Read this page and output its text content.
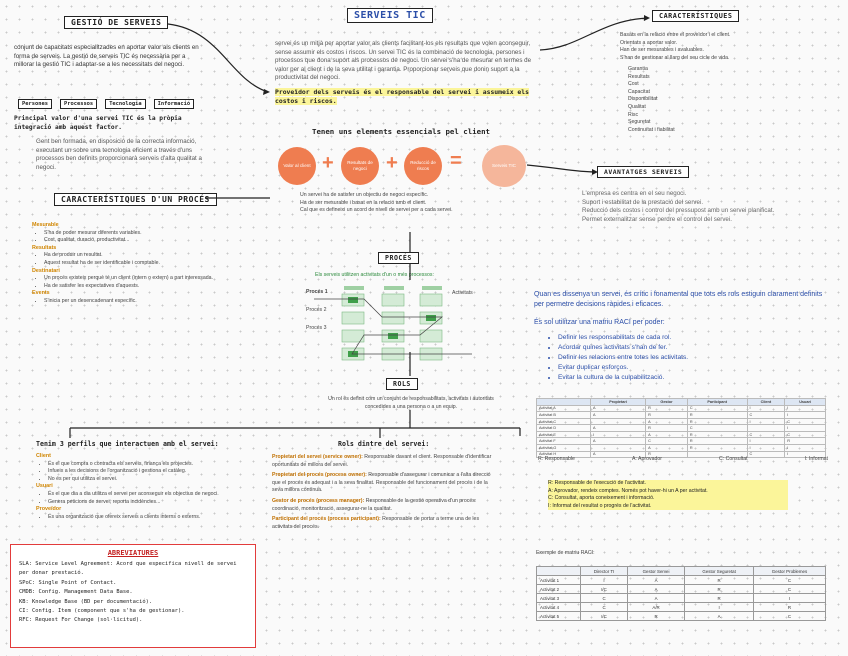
SERVEIS TIC
GESTIÓ DE SERVEIS
conjunt de capacitats especialitzades en aportar valor als clients en forma de serveis. La gestió de serveis TIC és necessària per a millorar la gestió TIC i adaptar-se a les necessitats del negoci.
Persones	Processos	Tecnologia	Informació
Principal valor d'una servei TIC és la pròpia integració amb aquest factor.
Gent ben formada, en disposició de la correcta informació, executant un sobre una tecnologia eficient a través d'uns processos ben definits proporcionarà serveis d'alta qualitat a negoci.
CARACTERÍSTIQUES D'UN PROCÉS
Mesurable
• S'ha de poder mesurar diferents variables.
• Cost, qualitat, duració, productivitat...
Resultats
• Ha de produir un resultat.
• Aquest resultat ha de ser identificable i comptable.
Destinatari
• Un procés existeix perquè té un client (intern o extern) a part interessada.
• Ha de satisfer les expectatives d'aquests.
Events
• S'inicia per un desencadenant específic.
servei és un mitjà per aportar valor als clients facilitant-los els resultats que volen aconseguir, sense assumir els costos i riscos. Un servei TIC és la combinació de tecnologia, persones i processos que dona suport als processos de negoci. Un servei s'ha de mesurar en termes de valor per al client i de la seva utilitat i garantia. Proporcionar serveis que donin suport a la productivitat del negoci.
Proveïdor dels serveis és el responsable del servei i assumeix els costos i riscos.
Tenen uns elements essencials pel client
Valor al client +	Resultats de negoci +	Reducció de riscos	=	Serveis TIC
Un servei ha de satisfer un objectiu de negoci específic.
Ha de ser mesurable i basat en la relació amb el client.
Cal que es defineixi un acord de nivell de servei per a cada servei.
CARACTERÍSTIQUES
Basats en la relació entre el proveïdor i el client.
Orientats a aportar valor.
Han de ser mesurables i avaluables.
S'han de gestionar al llarg del seu cicle de vida.
Garantia
Resultats
Cost
Capacitat
Disponibilitat
Qualitat
Risc
Seguretat
Continuïtat i fiabilitat
AVANTATGES SERVEIS
L'empresa es centra en el seu negoci.
Suport i estabilitat de la prestació del servei.
Reducció dels costos i control del pressupost amb un servei planificat.
Permet externalitzar sense perdre el control del servei.
PROCÉS
Els serveis utilitzen activitats d'un o més processos:
Procés 1
Procés 2
Procés 3
Activitats	Quan es dissenya un servei, és crític i fonamental que tots els rols estiguin clarament definits per permetre decisions ràpides i eficaces.
És sol utilitzar una matriu RACI per poder:
• Definir les responsabilitats de cada rol.
• Acordar quines activitats s'han de fer.
• Definir les relacions entre totes les activitats.
• Evitar duplicar esforços.
• Evitar la cultura de la culpabilització.
	Propietari	Gestor	Participant	Client	Usuari
Activitat A	A	R	C	I	I
Activitat B	A	R	R	C	I
Activitat C		A	R	I	C
Activitat D	A	R	C		I
Activitat E	I	A	R	C	C
Activitat F	A	C	R	I	R
Activitat G		A	R	I	I
Activitat H	A	R		C	I
R: Responsable	A: Aprovador	C: Consultat	I: Informat
R: Responsable de l'execució de l'activitat.
A: Aprovador, rendeix comptes. Només pot haver-hi un A per activitat.
C: Consultat, aporta coneixement i informació.
I: Informat del resultat o progrés de l'activitat.
Exemple de matriu RACI:
	Director TI	Gestor Servei	Gestor Seguretat	Gestor Problemes
Activitat 1	I	A	R	C
Activitat 2	I/C	A	R	C
Activitat 3	C	A	R	I
Activitat 4	C	A/R	I	R
Activitat 5	I/C	R	A	C
ROLS
Un rol és definit com un conjunt de responsabilitats, activitats i autoritats concedides a una persona o a un equip.
Tenim 3 perfils que interactuen amb el servei:
Client
• És el que compra o contracta els serveis, finança els projectes.
• Infueix a les decisions de l'organització i gestiona el catàleg.
• No és per qui utilitza el servei.
Usuari
• És el que dia a dia utilitza el servei per aconseguir els objectius de negoci.
• Genera peticions de servei, reporta incidències...
Proveïdor
• És una organització que ofereix serveis a clients interns o externs.
Rols dintre del servei:
Propietari del servei (service owner): Responsable davant el client. Responsable d'identificar oportunitats de millora del servei.
Propietari del procés (process owner): Responsable d'assegurar i comunicar a l'alta direcció que el procés és adequat i a la seva finalitat. Responsable del funcionament del procés i de la seva millora contínua.
Gestor de procés (process manager): Responsable de la gestió operativa d'un procés: coordinació, monitorització, assegurar-ne la qualitat.
Participant del procés (process participant): Responsable de portar a terme una de les activitats del procés.
ABREVIATURES
SLA: Service Level Agreement: Acord que especifica nivell de servei per donar prestació.
SPoC: Single Point of Contact.
CMDB: Config. Management Data Base.
KB: Knowledge Base (BD per documentació).
CI: Config. Item (component que s'ha de gestionar).
RFC: Request For Change (sol·licitud).
